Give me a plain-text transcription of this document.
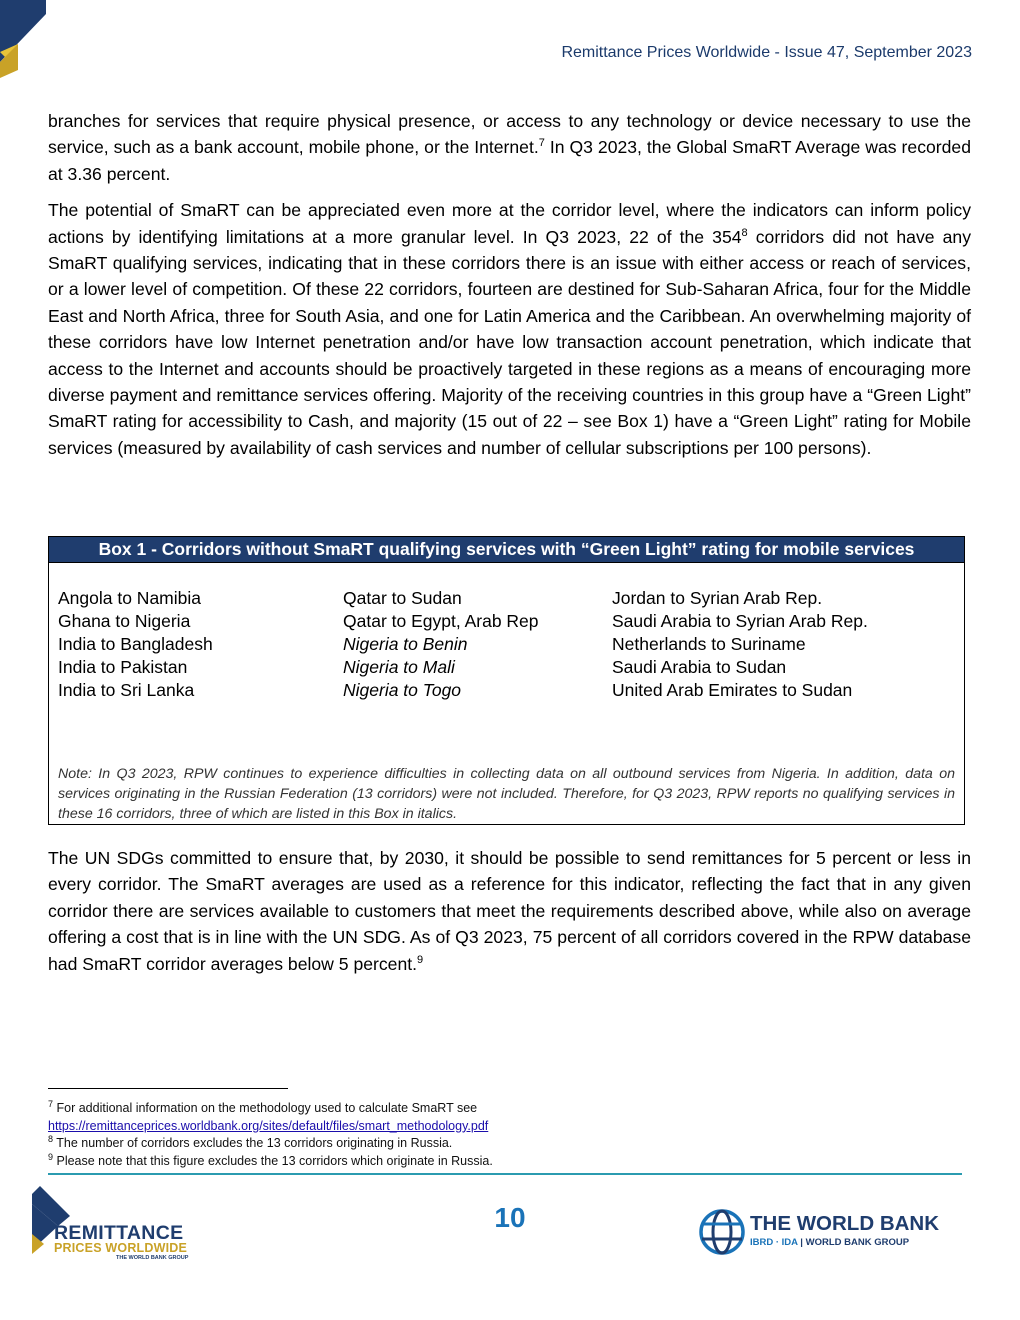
Remittance Prices Worldwide - Issue 47, September 2023

branches for services that require physical presence, or access to any technology or device necessary to use the service, such as a bank account, mobile phone, or the Internet.$^7$ In Q3 2023, the Global SmaRT Average was recorded at 3.36 percent.

The potential of SmaRT can be appreciated even more at the corridor level, where the indicators can inform policy actions by identifying limitations at a more granular level. In Q3 2023, 22 of the $354^8$ corridors did not have any SmaRT qualifying services, indicating that in these corridors there is an issue with either access or reach of services, or a lower level of competition. Of these 22 corridors, fourteen are destined for Sub-Saharan Africa, four for the Middle East and North Africa, three for South Asia, and one for Latin America and the Caribbean. An overwhelming majority of these corridors have low Internet penetration and/or have low transaction account penetration, which indicate that access to the Internet and accounts should be proactively targeted in these regions as a means of encouraging more diverse payment and remittance services offering. Majority of the receiving countries in this group have a “Green Light” SmaRT rating for accessibility to Cash, and majority (15 out of 22 – see Box 1) have a “Green Light” rating for Mobile services (measured by availability of cash services and number of cellular subscriptions per 100 persons).

Box 1 - Corridors without SmaRT qualifying services with “Green Light” rating for mobile services
Angola to Namibia
Ghana to Nigeria
India to Bangladesh
India to Pakistan
India to Sri Lanka
Qatar to Sudan
Qatar to Egypt, Arab Rep
Nigeria to Benin
Nigeria to Mali
Nigeria to Togo
Jordan to Syrian Arab Rep.
Saudi Arabia to Syrian Arab Rep.
Netherlands to Suriname
Saudi Arabia to Sudan
United Arab Emirates to Sudan
Note: In Q3 2023, RPW continues to experience difficulties in collecting data on all outbound services from Nigeria. In addition, data on services originating in the Russian Federation (13 corridors) were not included. Therefore, for Q3 2023, RPW reports no qualifying services in these 16 corridors, three of which are listed in this Box in italics.

The UN SDGs committed to ensure that, by 2030, it should be possible to send remittances for 5 percent or less in every corridor. The SmaRT averages are used as a reference for this indicator, reflecting the fact that in any given corridor there are services available to customers that meet the requirements described above, while also on average offering a cost that is in line with the UN SDG. As of Q3 2023, 75 percent of all corridors covered in the RPW database had SmaRT corridor averages below 5 percent.$^9$

$^7$ For additional information on the methodology used to calculate SmaRT see
https://remittanceprices.worldbank.org/sites/default/files/smart_methodology.pdf
$^8$ The number of corridors excludes the 13 corridors originating in Russia.
$^9$ Please note that this figure excludes the 13 corridors which originate in Russia.
REMITTANCE
PRICES WORLDWIDE
THE WORLD BANK GROUP
10	THE WORLD BANK
IBRD · IDA | WORLD BANK GROUP
